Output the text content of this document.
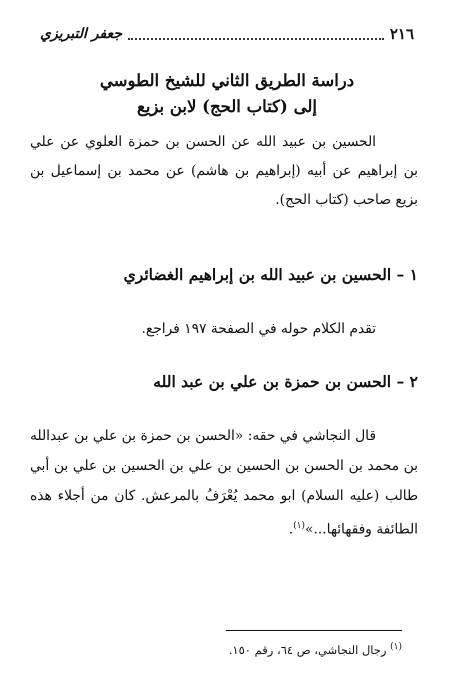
٢١٦
جعفر التبريزي
دراسة الطريق الثاني للشيخ الطوسي
إلى (كتاب الحج) لابن بزيع

الحسين بن عبيد الله عن الحسن بن حمزة العلوي عن علي بن إبراهيم عن أبيه (إبراهيم بن هاشم) عن محمد بن إسماعيل بن بزيع صاحب (كتاب الحج).

١ – الحسين بن عبيد الله بن إبراهيم الغضائري

تقدم الكلام حوله في الصفحة ١٩٧ فراجع.

٢ – الحسن بن حمزة بن علي بن عبد الله

قال النجاشي في حقه: «الحسن بن حمزة بن علي بن عبدالله بن محمد بن الحسن بن الحسين بن علي بن الحسين بن علي بن أبي طالب (عليه السلام) ابو محمد يُعْرَفُ بالمرعش. كان من أجلاء هذه الطائفة وفقهائها...»$^{(١)}$.

$^{(١)}$ رجال النجاشي، ص ٦٤، رقم ١٥٠.
